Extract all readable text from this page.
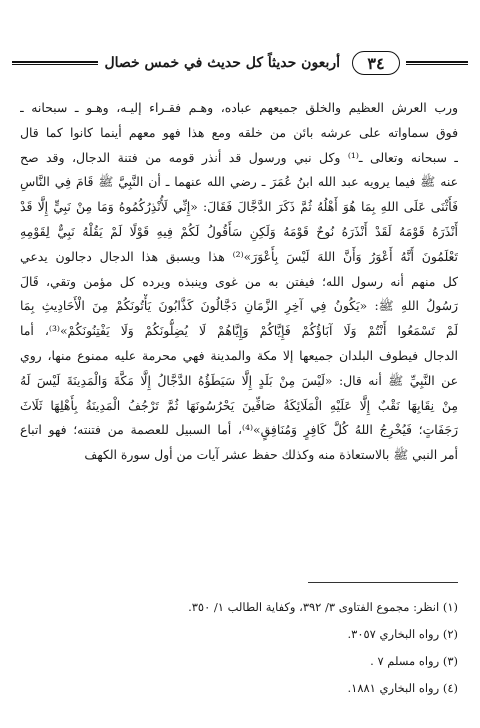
٣٤
أربعون حديثاً كل حديث في خمس خصال
ورب العرش العظيم والخلق جميعهم عباده، وهـم فقـراء إليـه، وهـو ـ سبحانه ـ
فوق سماواته على عرشه بائن من خلقه ومع هذا فهو معهم أينما كانوا كما قال
ـ سبحانه وتعالى ـ⁽¹⁾ وكل نبي ورسول قد أنذر قومه من فتنة الدجال، وقد صح
عنه ﷺ فيما يرويه عبد الله ابنُ عُمَرَ ـ رضي الله عنهما ـ أن النَّبِيَّ ﷺ قَامَ فِي النَّاسِ
فَأَثْنَى عَلَى اللهِ بِمَا هُوَ أَهْلُهُ ثُمَّ ذَكَرَ الدَّجَّالَ فَقَالَ: «إِنِّي لَأُنْذِرُكُمُوهُ وَمَا مِنْ نَبِيٍّ إِلَّا قَدْ
أَنْذَرَهُ قَوْمَهُ لَقَدْ أَنْذَرَهُ نُوحٌ قَوْمَهُ وَلَكِنِ سَأَقُولُ لَكُمْ فِيهِ قَوْلًا لَمْ يَقُلْهُ نَبِيٌّ لِقَوْمِهِ
تَعْلَمُونَ أَنَّهُ أَعْوَرُ وَأَنَّ اللهَ لَيْسَ بِأَعْوَرَ»⁽²⁾ هذا ويسبق هذا الدجال دجالون يدعي
كل منهم أنه رسول الله؛ فيفتن به من غوى وينبذه ويرده كل مؤمن وتقي، قَالَ
رَسُولُ اللهِ ﷺ: «يَكُونُ فِي آخِرِ الزَّمَانِ دَجَّالُونَ كَذَّابُونَ يَأْتُونَكُمْ مِنَ الْأَحَادِيثِ بِمَا
لَمْ تَسْمَعُوا أَنْتُمْ وَلَا آبَاؤُكُمْ فَإِيَّاكُمْ وَإِيَّاهُمْ لَا يُضِلُّونَكُمْ وَلَا يَفْتِنُونَكُمْ»⁽³⁾، أما
الدجال فيطوف البلدان جميعها إلا مكة والمدينة فهي محرمة عليه ممنوع منها، روي
عن النَّبِيِّ ﷺ أنه قال: «لَيْسَ مِنْ بَلَدٍ إِلَّا سَيَطَؤُهُ الدَّجَّالُ إِلَّا مَكَّةَ وَالْمَدِينَةَ لَيْسَ لَهُ
مِنْ نِقَابِهَا نَقْبٌ إِلَّا عَلَيْهِ الْمَلَائِكَةُ صَافِّينَ يَحْرُسُونَهَا ثُمَّ تَرْجُفُ الْمَدِينَةُ بِأَهْلِهَا ثَلَاثَ
رَجَفَاتٍ؛ فَيُخْرِجُ اللهُ كُلَّ كَافِرٍ وَمُنَافِقٍ»⁽⁴⁾، أما السبيل للعصمة من فتنته؛ فهو اتباع
أمر النبي ﷺ بالاستعاذة منه وكذلك حفظ عشر آيات من أول سورة الكهف
(١) انظر: مجموع الفتاوى ٣/ ٣٩٢، وكفاية الطالب ١/ ٣٥٠.
(٢) رواه البخاري ٣٠٥٧.
(٣) رواه مسلم ٧ .
(٤) رواه البخاري ١٨٨١.
